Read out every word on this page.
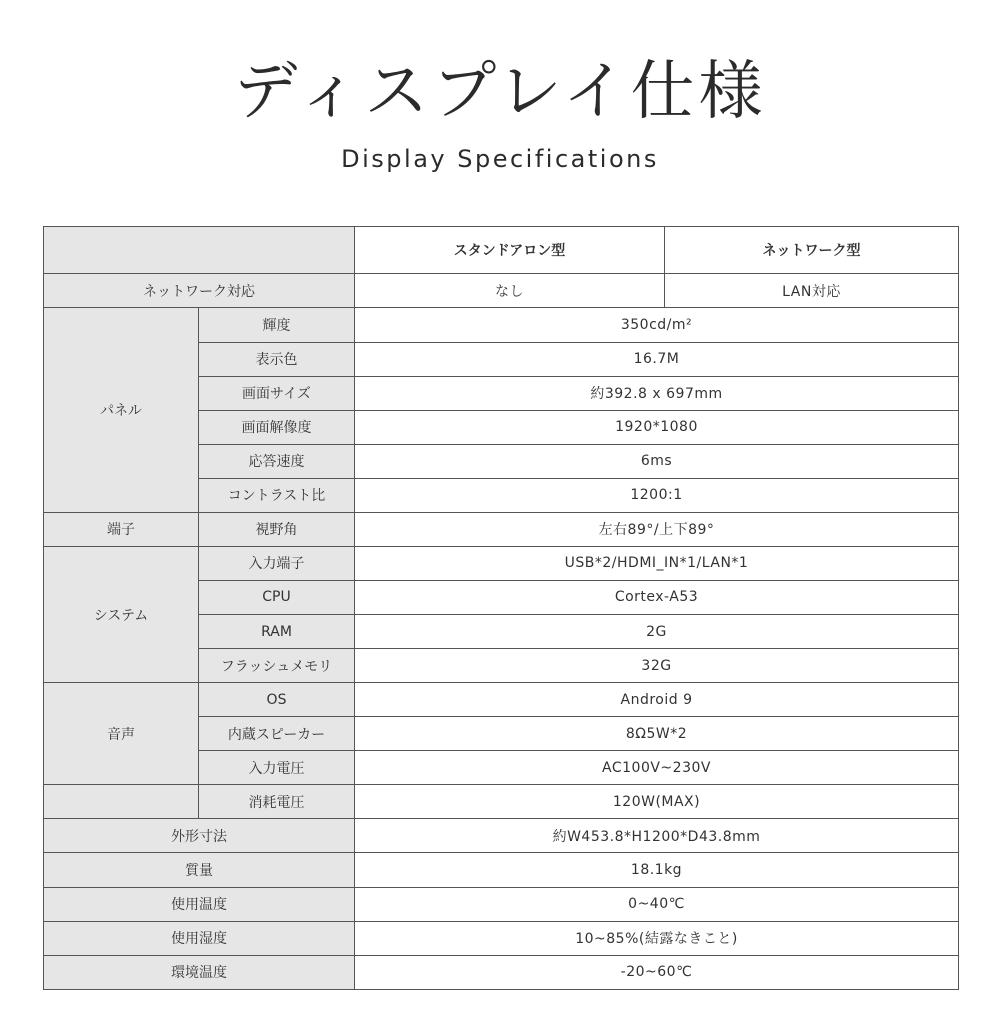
ディスプレイ仕様
Display Specifications
		スタンドアロン型	ネットワーク型
ネットワーク対応		なし	LAN対応
パネル	輝度	350cd/m²	
	表示色	16.7M	
	画面サイズ	約392.8 x 697mm	
	画面解像度	1920*1080	
	応答速度	6ms	
	コントラスト比	1200:1	
端子	視野角	左右89°/上下89°	
システム	入力端子	USB*2/HDMI_IN*1/LAN*1	
	CPU	Cortex-A53	
	RAM	2G	
	フラッシュメモリ	32G	
音声	OS	Android 9	
	内蔵スピーカー	8Ω5W*2	
	入力電圧	AC100V~230V	
	消耗電圧	120W(MAX)	
外形寸法		約W453.8*H1200*D43.8mm	
質量		18.1kg	
使用温度		0~40℃	
使用湿度		10~85%(結露なきこと)	
環境温度		-20~60℃	
